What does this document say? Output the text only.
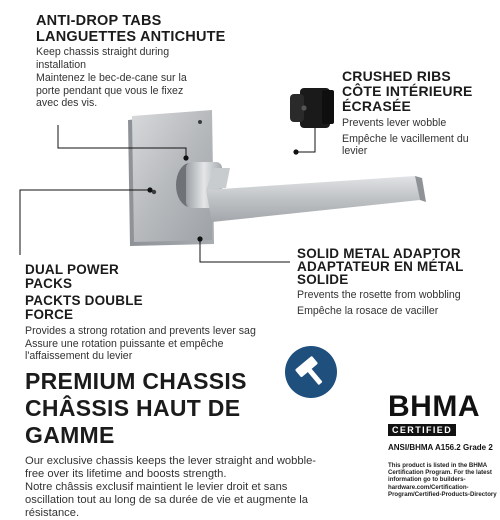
ANTI-DROP TABS
LANGUETTES ANTICHUTE
Keep chassis straight during installation
Maintenez le bec-de-cane sur la porte pendant que vous le fixez avec des vis.
CRUSHED RIBS
CÔTE INTÉRIEURE ÉCRASÉE
Prevents lever wobble
Empêche le vacillement du levier
SOLID METAL ADAPTOR
ADAPTATEUR EN MÉTAL SOLIDE
Prevents the rosette from wobbling
Empêche la rosace de vaciller
DUAL POWER PACKS
PACKTS DOUBLE FORCE
Provides a strong rotation and prevents lever sag
Assure une rotation puissante et empêche l'affaissement du levier
PREMIUM CHASSIS
CHÂSSIS HAUT DE GAMME
Our exclusive chassis keeps the lever straight and wobble-free over its lifetime and boosts strength.
Notre châssis exclusif maintient le levier droit et sans oscillation tout au long de sa durée de vie et augmente la résistance.
BHMA
CERTIFIED
ANSI/BHMA A156.2 Grade 2
This product is listed in the BHMA Certification Program. For the latest information go to buildershardware.com/Certification-Program/Certified-Products-Directory
